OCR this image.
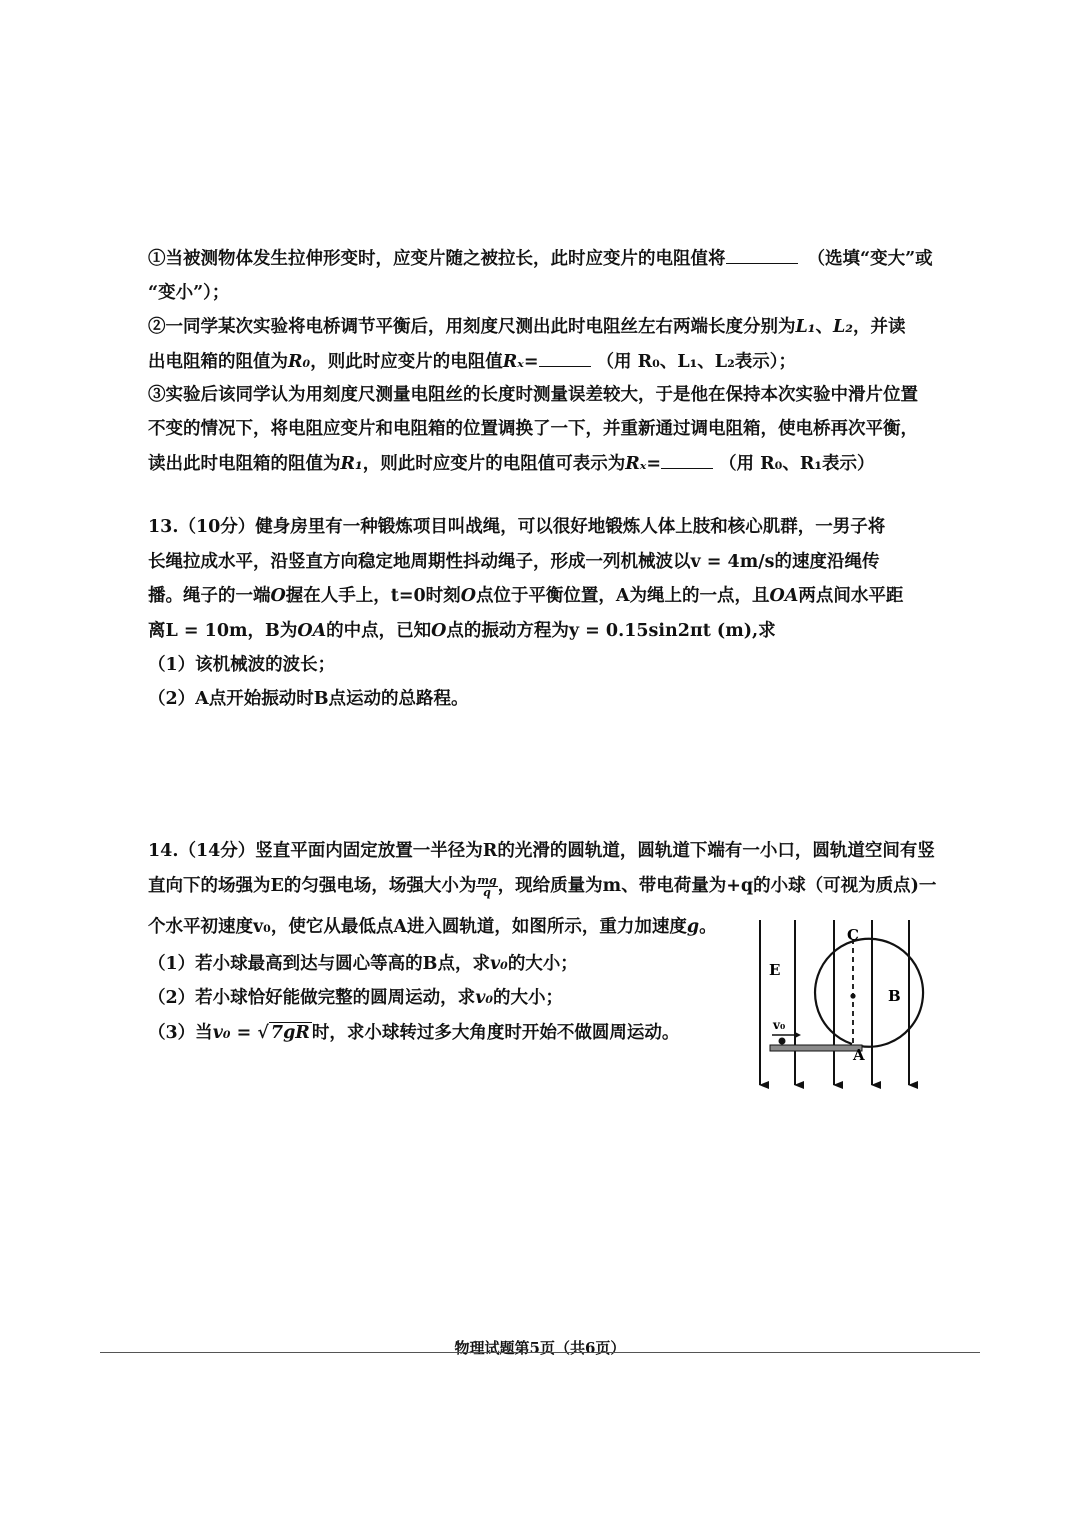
①当被测物体发生拉伸形变时，应变片随之被拉长，此时应变片的电阻值将	（选填“变大”或
“变小”）；
②一同学某次实验将电桥调节平衡后，用刻度尺测出此时电阻丝左右两端长度分别为L₁、L₂，并读
出电阻箱的阻值为R₀，则此时应变片的电阻值Rₓ=	（用 R₀、L₁、L₂表示）；
③实验后该同学认为用刻度尺测量电阻丝的长度时测量误差较大，于是他在保持本次实验中滑片位置
不变的情况下，将电阻应变片和电阻箱的位置调换了一下，并重新通过调电阻箱，使电桥再次平衡，
读出此时电阻箱的阻值为R₁，则此时应变片的电阻值可表示为Rₓ=	（用 R₀、R₁表示）
13.（10分）健身房里有一种锻炼项目叫战绳，可以很好地锻炼人体上肢和核心肌群，一男子将
长绳拉成水平，沿竖直方向稳定地周期性抖动绳子，形成一列机械波以v = 4m/s的速度沿绳传
播。绳子的一端O握在人手上，t=0时刻O点位于平衡位置，A为绳上的一点，且OA两点间水平距
离L = 10m，B为OA的中点，已知O点的振动方程为y = 0.15sin2πt (m),求
（1）该机械波的波长；
（2）A点开始振动时B点运动的总路程。
14.（14分）竖直平面内固定放置一半径为R的光滑的圆轨道，圆轨道下端有一小口，圆轨道空间有竖
直向下的场强为E的匀强电场，场强大小为 $\frac{mg}{q}$ ，现给质量为m、带电荷量为+q的小球（可视为质点)一
个水平初速度v₀，使它从最低点A进入圆轨道，如图所示，重力加速度g。
（1）若小球最高到达与圆心等高的B点，求v₀的大小；
（2）若小球恰好能做完整的圆周运动，求v₀的大小；
（3）当v₀ = √ 7gR 时，求小球转过多大角度时开始不做圆周运动。
E
C
B
A
v₀
物理试题第5页（共6页）
